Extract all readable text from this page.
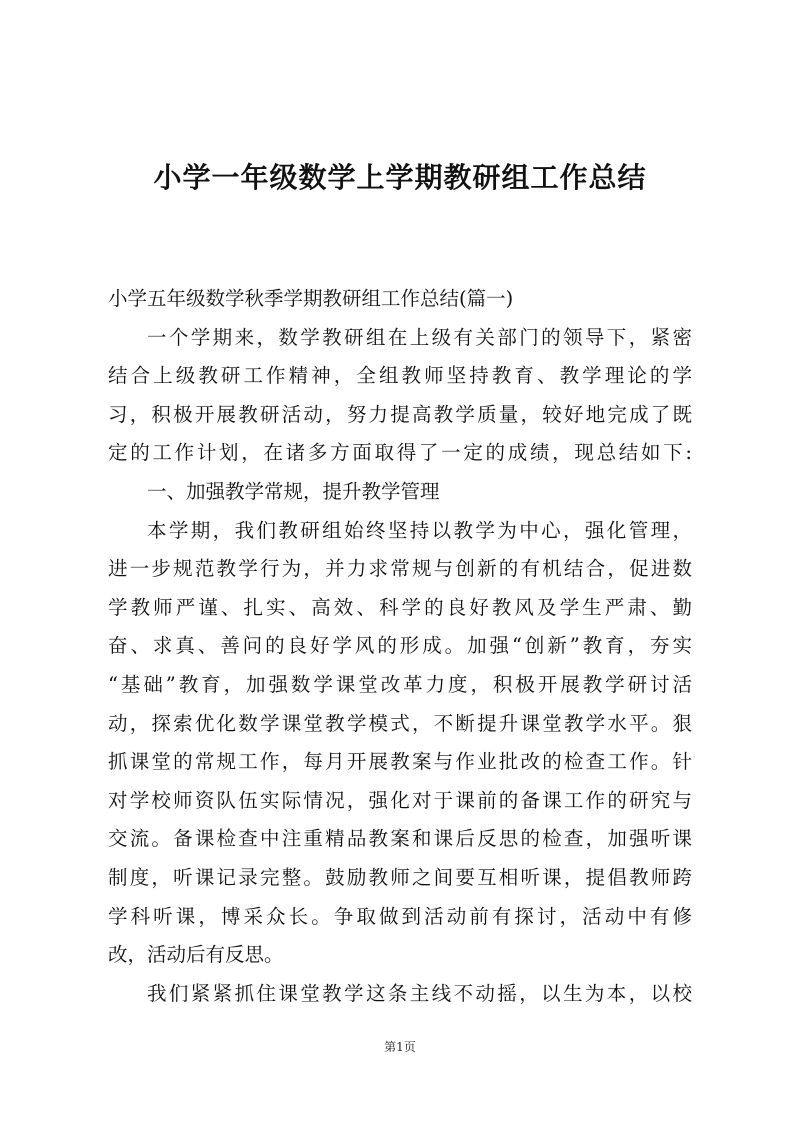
小学一年级数学上学期教研组工作总结

小学五年级数学秋季学期教研组工作总结(篇一)

一个学期来，数学教研组在上级有关部门的领导下，紧密

结合上级教研工作精神，全组教师坚持教育、教学理论的学

习，积极开展教研活动，努力提高教学质量，较好地完成了既

定的工作计划，在诸多方面取得了一定的成绩，现总结如下:

一、加强教学常规，提升教学管理

本学期，我们教研组始终坚持以教学为中心，强化管理，

进一步规范教学行为，并力求常规与创新的有机结合，促进数

学教师严谨、扎实、高效、科学的良好教风及学生严肃、勤

奋、求真、善问的良好学风的形成。加强“创新”教育，夯实

“基础”教育，加强数学课堂改革力度，积极开展教学研讨活

动，探索优化数学课堂教学模式，不断提升课堂教学水平。狠

抓课堂的常规工作，每月开展教案与作业批改的检查工作。针

对学校师资队伍实际情况，强化对于课前的备课工作的研究与

交流。备课检查中注重精品教案和课后反思的检查，加强听课

制度，听课记录完整。鼓励教师之间要互相听课，提倡教师跨

学科听课，博采众长。争取做到活动前有探讨，活动中有修

改，活动后有反思。

我们紧紧抓住课堂教学这条主线不动摇，以生为本，以校

第1页
